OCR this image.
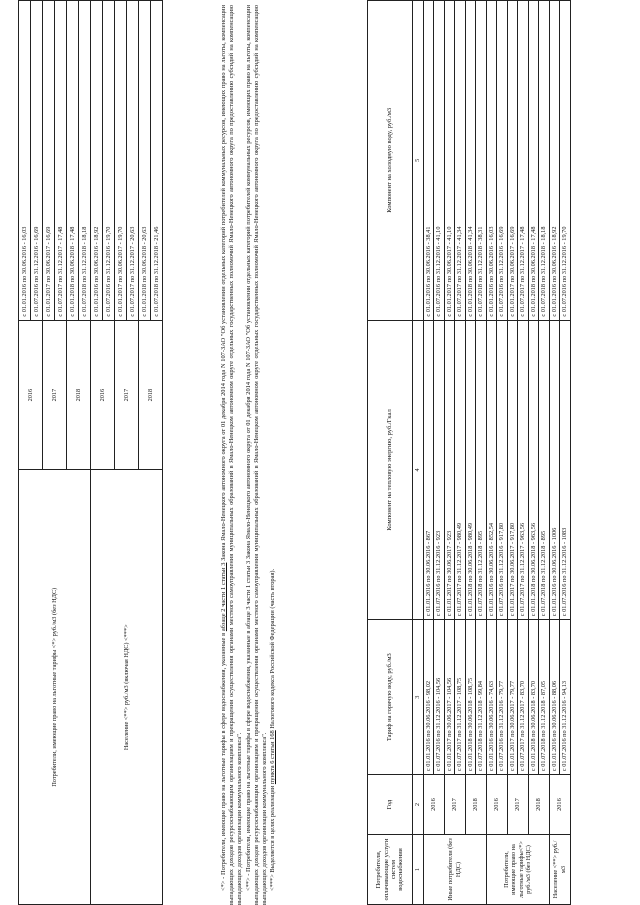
Потребители, имеющие право на льготные тарифы <*> руб./м3 (без НДС)	2016	с 01.01.2016 по 30.06.2016 - 16,03
		с 01.07.2016 по 31.12.2016 - 16,69
	2017	с 01.01.2017 по 30.06.2017 - 16,69
		с 01.07.2017 по 31.12.2017 - 17,48
	2018	с 01.01.2018 по 30.06.2018 - 17,48
		с 01.07.2018 по 31.12.2018 - 18,18
Население <**> руб./м3 (включая НДС) <***>	2016	с 01.01.2016 по 30.06.2016 - 18,92
		с 01.07.2016 по 31.12.2016 - 19,70
	2017	с 01.01.2017 по 30.06.2017 - 19,70
		с 01.07.2017 по 31.12.2017 - 20,63
	2018	с 01.01.2018 по 30.06.2018 - 20,63
		с 01.07.2018 по 31.12.2018 - 21,46

<*> - Потребители, имеющие право на льготные тарифы в сфере водоснабжения, указанные в абзаце 2 части 1 статьи 3 Закона Ямало-Ненецкого автономного округа от 01 декабря 2014 года N 107-ЗАО "Об установлении отдельных категорий потребителей коммунальных ресурсов, имеющих право на льготы, компенсации выпадающих доходов ресурсоснабжающим организациям и прекращении осуществления органами местного самоуправления муниципальных образований в Ямало-Ненецком автономном округе отдельных государственных полномочий Ямало-Ненецкого автономного округа по предоставлению субсидий на компенсацию выпадающих доходов организации коммунального комплекса". <**> - Потребители, имеющие право на льготные тарифы в сфере водоснабжения, указанные в абзаце 3 части 1 статьи 3 Закона Ямало-Ненецкого автономного округа от 01 декабря 2014 года N 107-ЗАО "Об установлении отдельных категорий потребителей коммунальных ресурсов, имеющих право на льготы, компенсации выпадающих доходов ресурсоснабжающим организациям и прекращении осуществления органами местного самоуправления муниципальных образований в Ямало-Ненецком автономном округе отдельных государственных полномочий Ямало-Ненецкого автономного округа по предоставлению субсидий на компенсацию выпадающих доходов организации коммунального комплекса". <***> Выделяется в целях реализации пункта 6 статьи 168 Налогового кодекса Российской Федерации (часть вторая).

Потребители, оплачивающие услуги систем водоснабжения	Год	Тариф на горячую воду, руб./м3	Компонент на тепловую энергию, руб./Гкал	Компонент на холодную воду, руб./м3
1	2	3	4	5
Иные потребители (без НДС)	2016	с 01.01.2016 по 30.06.2016 - 98,02	с 01.01.2016 по 30.06.2016 - 867	с 01.01.2016 по 30.06.2016 - 38,41
		с 01.07.2016 по 31.12.2016 - 104,56	с 01.07.2016 по 31.12.2016 - 923	с 01.07.2016 по 31.12.2016 - 41,10
	2017	с 01.01.2017 по 30.06.2017 - 104,56	с 01.01.2017 по 30.06.2017 - 923	с 01.01.2017 по 30.06.2017 - 41,10
		с 01.07.2017 по 31.12.2017 - 108,75	с 01.07.2017 по 31.12.2017 - 980,49	с 01.07.2017 по 31.12.2017 - 41,34
	2018	с 01.01.2018 по 30.06.2018 - 108,75	с 01.01.2018 по 30.06.2018 - 980,49	с 01.01.2018 по 30.06.2018 - 41,34
		с 01.07.2018 по 31.12.2018 - 99,84	с 01.07.2018 по 31.12.2018 - 895	с 01.07.2018 по 31.12.2018 - 38,31
Потребители, имеющие право на льготные тарифы<*> руб./м3 (без НДС)	2016	с 01.01.2016 по 30.06.2016 - 74,63	с 01.01.2016 по 30.06.2016 - 852,54	с 01.01.2016 по 30.06.2016 - 16,03
		с 01.07.2016 по 31.12.2016 - 79,77	с 01.07.2016 по 31.12.2016 - 917,80	с 01.07.2016 по 31.12.2016 - 16,69
	2017	с 01.01.2017 по 30.06.2017 - 79,77	с 01.01.2017 по 30.06.2017 - 917,80	с 01.01.2017 по 30.06.2017 - 16,69
		с 01.07.2017 по 31.12.2017 - 83,70	с 01.07.2017 по 31.12.2017 - 963,56	с 01.07.2017 по 31.12.2017 - 17,48
	2018	с 01.01.2018 по 30.06.2018 - 83,70	с 01.01.2018 по 30.06.2018 - 963,56	с 01.01.2018 по 30.06.2018 - 17,48
		с 01.07.2018 по 31.12.2018 - 87,05	с 01.07.2018 по 31.12.2018 - 895	с 01.07.2018 по 31.12.2018 - 18,18
Население <**> руб./м3	2016	с 01.01.2016 по 30.06.2016 - 88,06	с 01.01.2016 по 30.06.2016 - 1006	с 01.01.2016 по 30.06.2016 - 18,92
		с 01.07.2016 по 31.12.2016 - 94,13	с 01.07.2016 по 31.12.2016 - 1083	с 01.07.2016 по 31.12.2016 - 19,70
